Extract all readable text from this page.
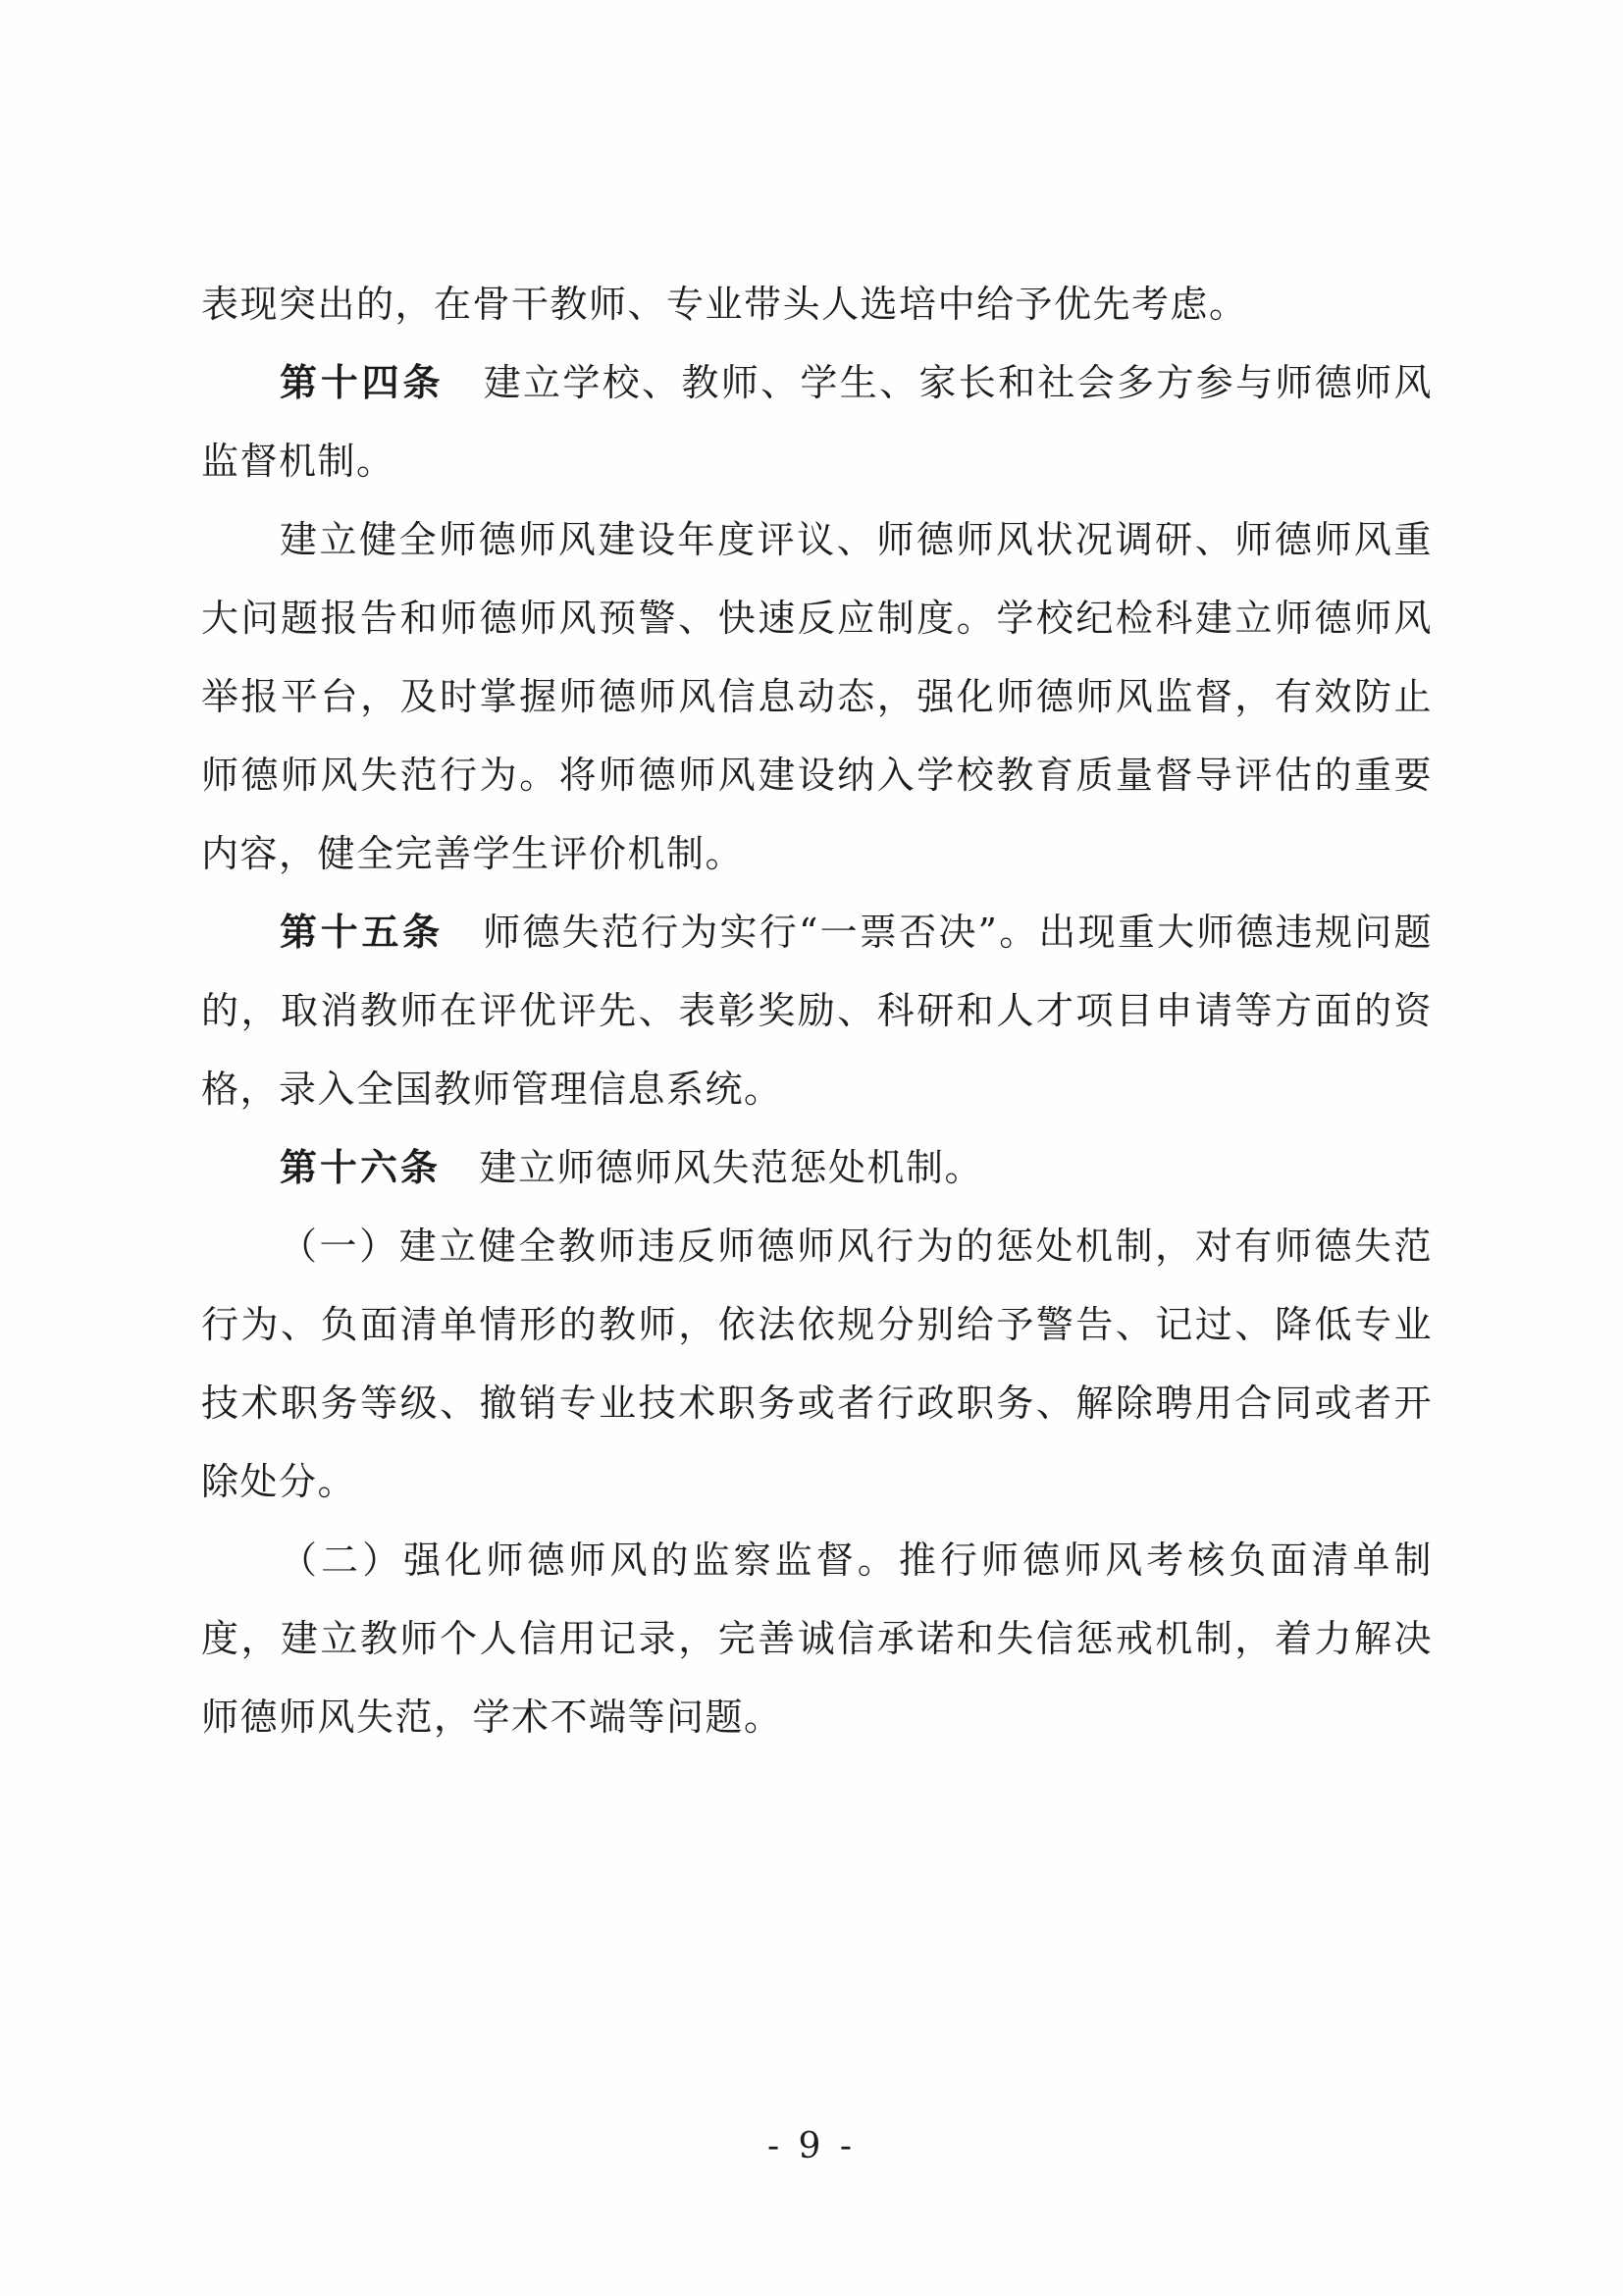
表现突出的，在骨干教师、专业带头人选培中给予优先考虑。

第十四条　建立学校、教师、学生、家长和社会多方参与师德师风监督机制。

建立健全师德师风建设年度评议、师德师风状况调研、师德师风重大问题报告和师德师风预警、快速反应制度。学校纪检科建立师德师风举报平台，及时掌握师德师风信息动态，强化师德师风监督，有效防止师德师风失范行为。将师德师风建设纳入学校教育质量督导评估的重要内容，健全完善学生评价机制。

第十五条　师德失范行为实行“一票否决”。出现重大师德违规问题的，取消教师在评优评先、表彰奖励、科研和人才项目申请等方面的资格，录入全国教师管理信息系统。

第十六条　建立师德师风失范惩处机制。

（一）建立健全教师违反师德师风行为的惩处机制，对有师德失范行为、负面清单情形的教师，依法依规分别给予警告、记过、降低专业技术职务等级、撤销专业技术职务或者行政职务、解除聘用合同或者开除处分。

（二）强化师德师风的监察监督。推行师德师风考核负面清单制度，建立教师个人信用记录，完善诚信承诺和失信惩戒机制，着力解决师德师风失范，学术不端等问题。

- 9 -
